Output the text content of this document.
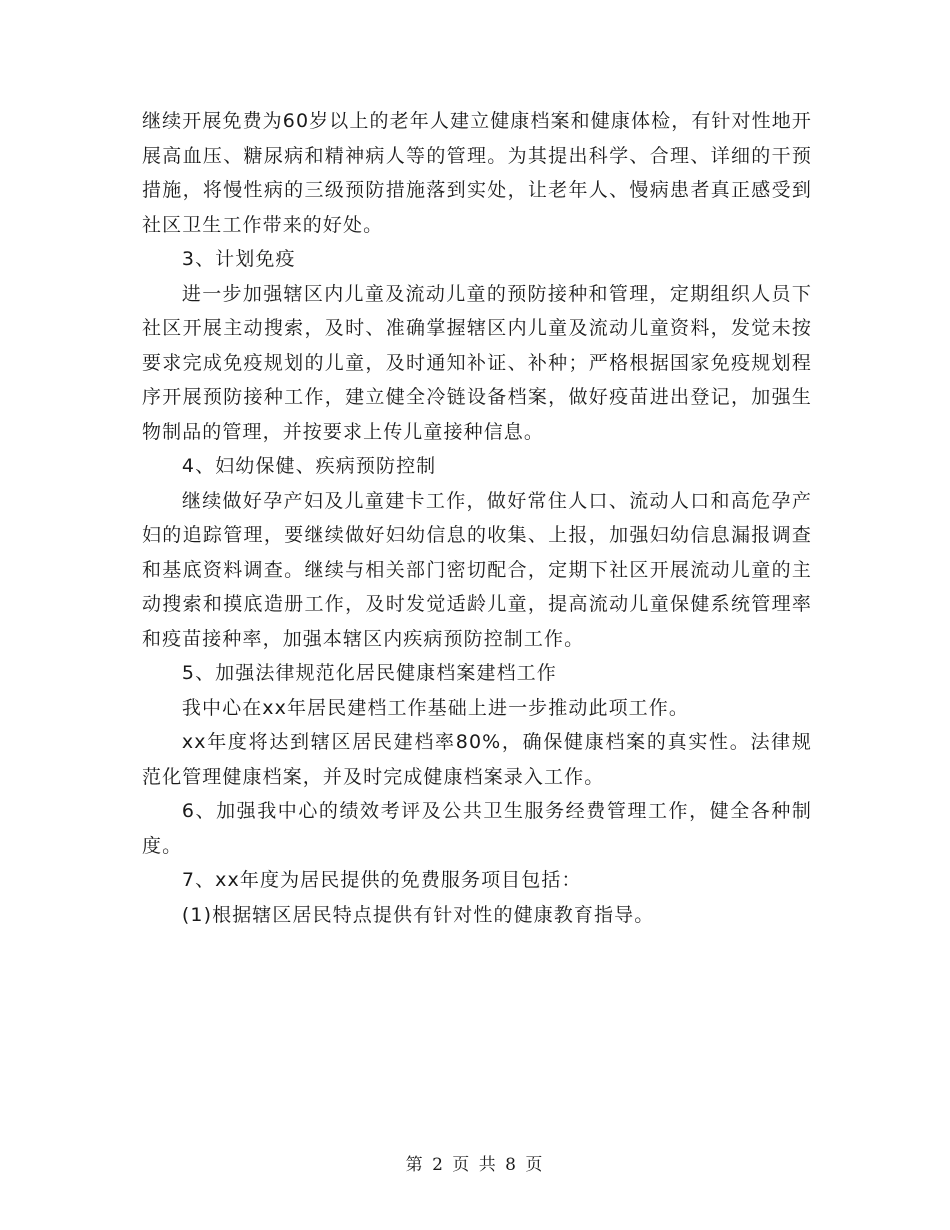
继续开展免费为60岁以上的老年人建立健康档案和健康体检，有针对性地开展高血压、糖尿病和精神病人等的管理。为其提出科学、合理、详细的干预措施，将慢性病的三级预防措施落到实处，让老年人、慢病患者真正感受到社区卫生工作带来的好处。

3、计划免疫

进一步加强辖区内儿童及流动儿童的预防接种和管理，定期组织人员下社区开展主动搜索，及时、准确掌握辖区内儿童及流动儿童资料，发觉未按要求完成免疫规划的儿童，及时通知补证、补种；严格根据国家免疫规划程序开展预防接种工作，建立健全冷链设备档案，做好疫苗进出登记，加强生物制品的管理，并按要求上传儿童接种信息。

4、妇幼保健、疾病预防控制

继续做好孕产妇及儿童建卡工作，做好常住人口、流动人口和高危孕产妇的追踪管理，要继续做好妇幼信息的收集、上报，加强妇幼信息漏报调查和基底资料调查。继续与相关部门密切配合，定期下社区开展流动儿童的主动搜索和摸底造册工作，及时发觉适龄儿童，提高流动儿童保健系统管理率和疫苗接种率，加强本辖区内疾病预防控制工作。

5、加强法律规范化居民健康档案建档工作

我中心在xx年居民建档工作基础上进一步推动此项工作。

xx年度将达到辖区居民建档率80%，确保健康档案的真实性。法律规范化管理健康档案，并及时完成健康档案录入工作。

6、加强我中心的绩效考评及公共卫生服务经费管理工作，健全各种制度。

7、xx年度为居民提供的免费服务项目包括：

(1)根据辖区居民特点提供有针对性的健康教育指导。

第 2 页 共 8 页
